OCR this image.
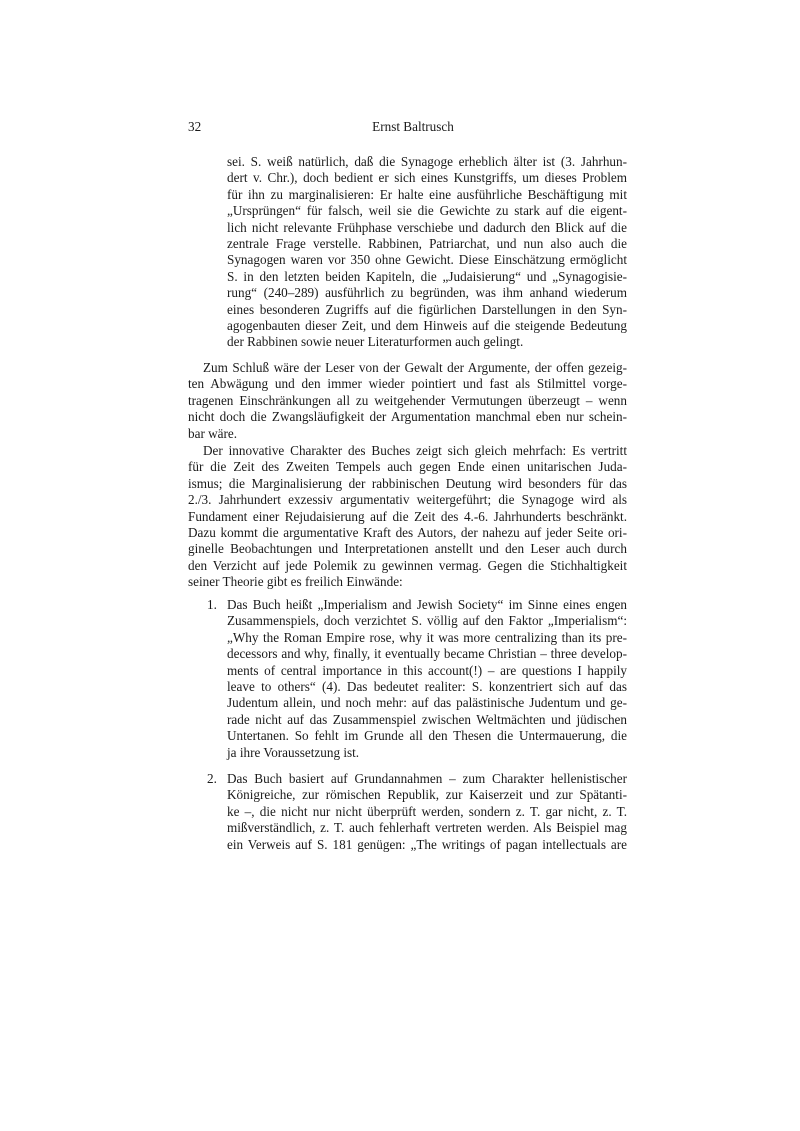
32	Ernst Baltrusch
sei. S. weiß natürlich, daß die Synagoge erheblich älter ist (3. Jahrhun-
dert v. Chr.), doch bedient er sich eines Kunstgriffs, um dieses Problem
für ihn zu marginalisieren: Er halte eine ausführliche Beschäftigung mit
„Ursprüngen“ für falsch, weil sie die Gewichte zu stark auf die eigent-
lich nicht relevante Frühphase verschiebe und dadurch den Blick auf die
zentrale Frage verstelle. Rabbinen, Patriarchat, und nun also auch die
Synagogen waren vor 350 ohne Gewicht. Diese Einschätzung ermöglicht
S. in den letzten beiden Kapiteln, die „Judaisierung“ und „Synagogisie-
rung“ (240–289) ausführlich zu begründen, was ihm anhand wiederum
eines besonderen Zugriffs auf die figürlichen Darstellungen in den Syn-
agogenbauten dieser Zeit, und dem Hinweis auf die steigende Bedeutung
der Rabbinen sowie neuer Literaturformen auch gelingt.
Zum Schluß wäre der Leser von der Gewalt der Argumente, der offen gezeig-
ten Abwägung und den immer wieder pointiert und fast als Stilmittel vorge-
tragenen Einschränkungen all zu weitgehender Vermutungen überzeugt – wenn
nicht doch die Zwangsläufigkeit der Argumentation manchmal eben nur schein-
bar wäre.
Der innovative Charakter des Buches zeigt sich gleich mehrfach: Es vertritt
für die Zeit des Zweiten Tempels auch gegen Ende einen unitarischen Juda-
ismus; die Marginalisierung der rabbinischen Deutung wird besonders für das
2./3. Jahrhundert exzessiv argumentativ weitergeführt; die Synagoge wird als
Fundament einer Rejudaisierung auf die Zeit des 4.-6. Jahrhunderts beschränkt.
Dazu kommt die argumentative Kraft des Autors, der nahezu auf jeder Seite ori-
ginelle Beobachtungen und Interpretationen anstellt und den Leser auch durch
den Verzicht auf jede Polemik zu gewinnen vermag. Gegen die Stichhaltigkeit
seiner Theorie gibt es freilich Einwände:
1. Das Buch heißt „Imperialism and Jewish Society“ im Sinne eines engen
Zusammenspiels, doch verzichtet S. völlig auf den Faktor „Imperialism“:
„Why the Roman Empire rose, why it was more centralizing than its pre-
decessors and why, finally, it eventually became Christian – three develop-
ments of central importance in this account(!) – are questions I happily
leave to others“ (4). Das bedeutet realiter: S. konzentriert sich auf das
Judentum allein, und noch mehr: auf das palästinische Judentum und ge-
rade nicht auf das Zusammenspiel zwischen Weltmächten und jüdischen
Untertanen. So fehlt im Grunde all den Thesen die Untermauerung, die
ja ihre Voraussetzung ist.
2. Das Buch basiert auf Grundannahmen – zum Charakter hellenistischer
Königreiche, zur römischen Republik, zur Kaiserzeit und zur Spätanti-
ke –, die nicht nur nicht überprüft werden, sondern z. T. gar nicht, z. T.
mißverständlich, z. T. auch fehlerhaft vertreten werden. Als Beispiel mag
ein Verweis auf S. 181 genügen: „The writings of pagan intellectuals are
